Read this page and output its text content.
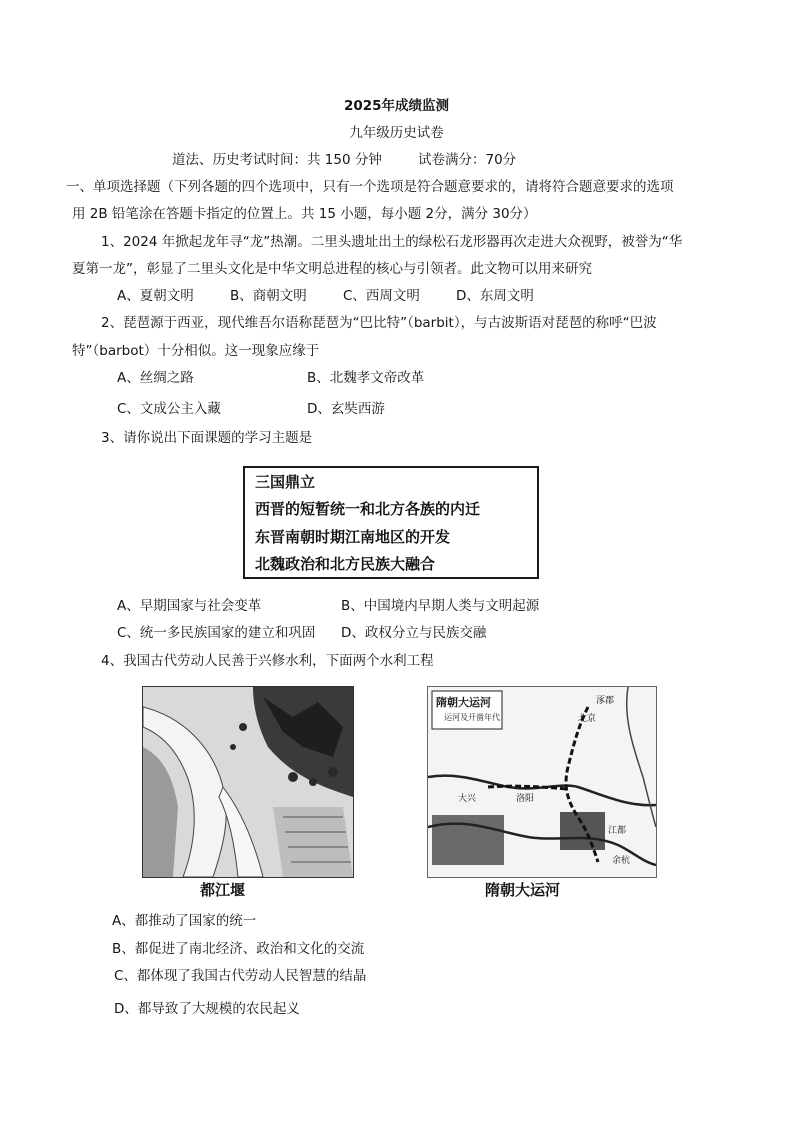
2025年成绩监测
九年级历史试卷
道法、历史考试时间：共 150 分钟	试卷满分：70分
一、单项选择题（下列各题的四个选项中，只有一个选项是符合题意要求的，请将符合题意要求的选项
用 2B 铅笔涂在答题卡指定的位置上。共 15 小题，每小题 2分，满分 30分）
1、2024 年掀起龙年寻“龙”热潮。二里头遗址出土的绿松石龙形器再次走进大众视野，被誉为“华
夏第一龙”，彰显了二里头文化是中华文明总进程的核心与引领者。此文物可以用来研究
A、夏朝文明	B、商朝文明	C、西周文明	D、东周文明
2、琵琶源于西亚，现代维吾尔语称琵琶为“巴比特”（barbit），与古波斯语对琵琶的称呼“巴波
特”（barbot）十分相似。这一现象应缘于
A、丝绸之路	B、北魏孝文帝改革
C、文成公主入藏	D、玄奘西游
3、请你说出下面课题的学习主题是
三国鼎立
西晋的短暂统一和北方各族的内迁
东晋南朝时期江南地区的开发
北魏政治和北方民族大融合
A、早期国家与社会变革	B、中国境内早期人类与文明起源
C、统一多民族国家的建立和巩固 D、政权分立与民族交融
4、我国古代劳动人民善于兴修水利，下面两个水利工程
都江堰
隋朝大运河
运河及开凿年代
涿郡
北京
洛阳
大兴
江都
余杭
隋朝大运河
A、都推动了国家的统一
B、都促进了南北经济、政治和文化的交流
C、都体现了我国古代劳动人民智慧的结晶
D、都导致了大规模的农民起义
